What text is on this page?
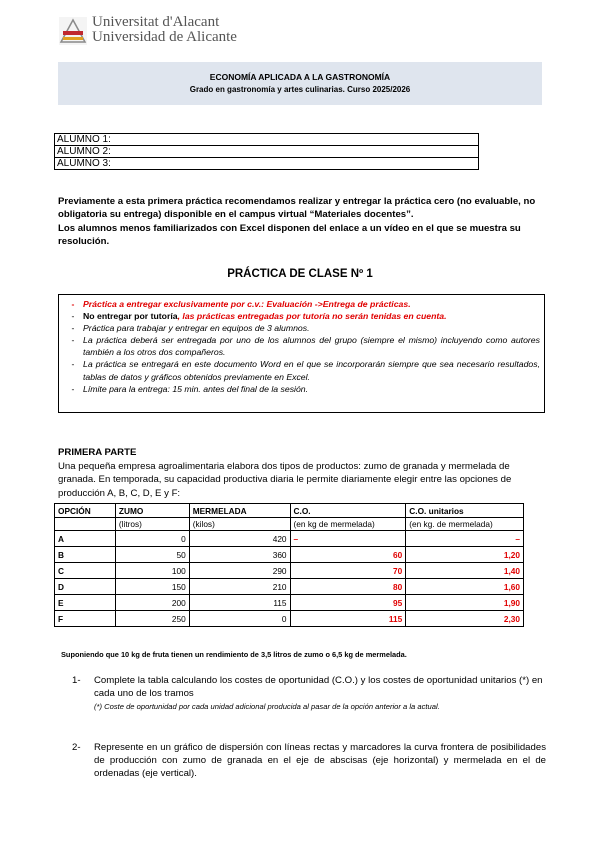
Universitat d'Alacant
Universidad de Alicante
ECONOMÍA APLICADA A LA GASTRONOMÍA
Grado en gastronomía y artes culinarias. Curso 2025/2026
ALUMNO 1:
ALUMNO 2:
ALUMNO 3:
Previamente a esta primera práctica recomendamos realizar y entregar la práctica cero (no evaluable, no obligatoria su entrega) disponible en el campus virtual “Materiales docentes”.
Los alumnos menos familiarizados con Excel disponen del enlace a un vídeo en el que se muestra su resolución.
PRÁCTICA DE CLASE Nº 1
- Práctica a entregar exclusivamente por c.v.: Evaluación ->Entrega de prácticas.
- No entregar por tutoría, las prácticas entregadas por tutoría no serán tenidas en cuenta.
- Práctica para trabajar y entregar en equipos de 3 alumnos.
- La práctica deberá ser entregada por uno de los alumnos del grupo (siempre el mismo) incluyendo como autores también a los otros dos compañeros.
- La práctica se entregará en este documento Word en el que se incorporarán siempre que sea necesario resultados, tablas de datos y gráficos obtenidos previamente en Excel.
- Límite para la entrega: 15 min. antes del final de la sesión.
PRIMERA PARTE
Una pequeña empresa agroalimentaria elabora dos tipos de productos: zumo de granada y mermelada de granada. En temporada, su capacidad productiva diaria le permite diariamente elegir entre las opciones de producción A, B, C, D, E y F:
OPCIÓN	ZUMO	MERMELADA	C.O.	C.O. unitarios
	(litros)	(kilos)	(en kg de mermelada)	(en kg. de mermelada)
A	0	420	–	–
B	50	360	60	1,20
C	100	290	70	1,40
D	150	210	80	1,60
E	200	115	95	1,90
F	250	0	115	2,30
Suponiendo que 10 kg de fruta tienen un rendimiento de 3,5 litros de zumo o 6,5 kg de mermelada.
1-	Complete la tabla calculando los costes de oportunidad (C.O.) y los costes de oportunidad unitarios (*) en cada uno de los tramos
(*) Coste de oportunidad por cada unidad adicional producida al pasar de la opción anterior a la actual.
2-	Represente en un gráfico de dispersión con líneas rectas y marcadores la curva frontera de posibilidades de producción con zumo de granada en el eje de abscisas (eje horizontal) y mermelada en el de ordenadas (eje vertical).
